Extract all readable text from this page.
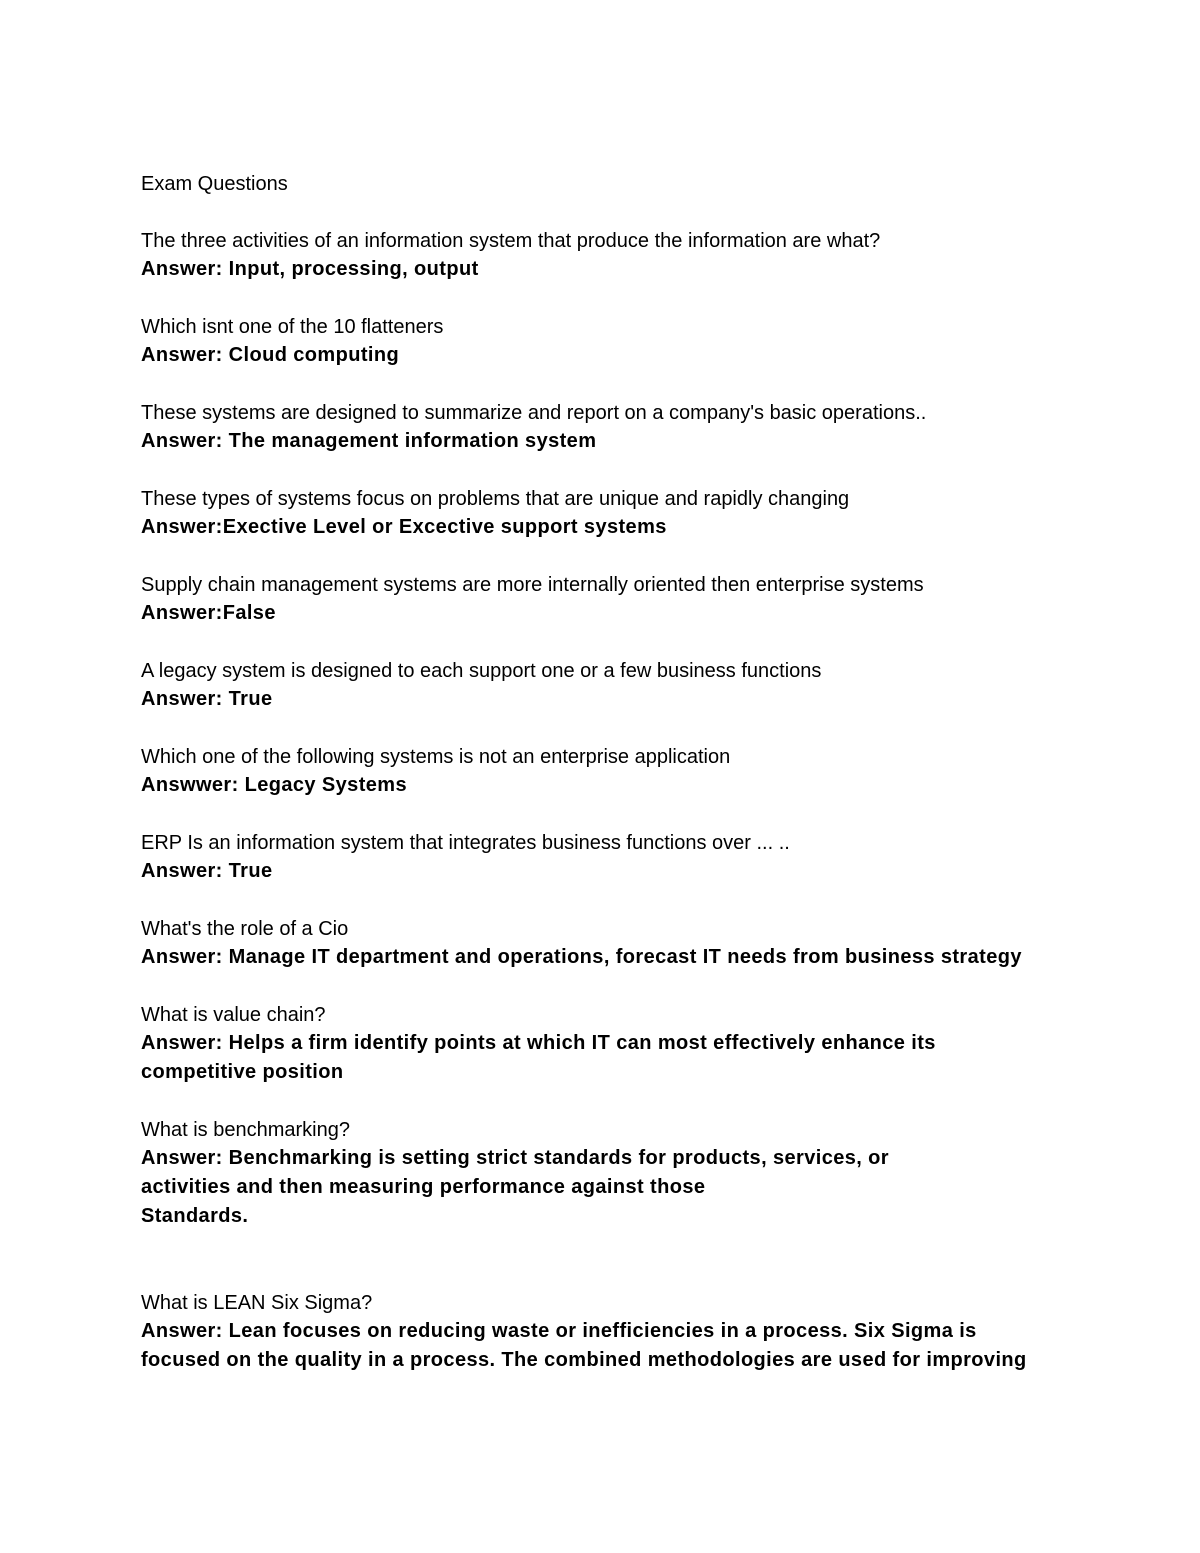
Exam Questions
The three activities of an information system that produce the information are what?
Answer: Input, processing, output
Which isnt one of the 10 flatteners
Answer: Cloud computing
These systems are designed to summarize and report on a company's basic operations..
Answer: The management information system
These types of systems focus on problems that are unique and rapidly changing
Answer:Exective Level or Excective support systems
Supply chain management systems are more internally oriented then enterprise systems
Answer:False
A legacy system is designed to each support one or a few business functions
Answer: True
Which one of the following systems is not an enterprise application
Answwer: Legacy Systems
ERP Is an information system that integrates business functions over ... ..
Answer: True
What's the role of a Cio
Answer: Manage IT department and operations, forecast IT needs from business strategy
What is value chain?
Answer: Helps a firm identify points at which IT can most effectively enhance its
competitive position
What is benchmarking?
Answer: Benchmarking is setting strict standards for products, services, or
activities and then measuring performance against those
Standards.
What is LEAN Six Sigma?
Answer: Lean focuses on reducing waste or inefficiencies in a process. Six Sigma is
focused on the quality in a process. The combined methodologies are used for improving
